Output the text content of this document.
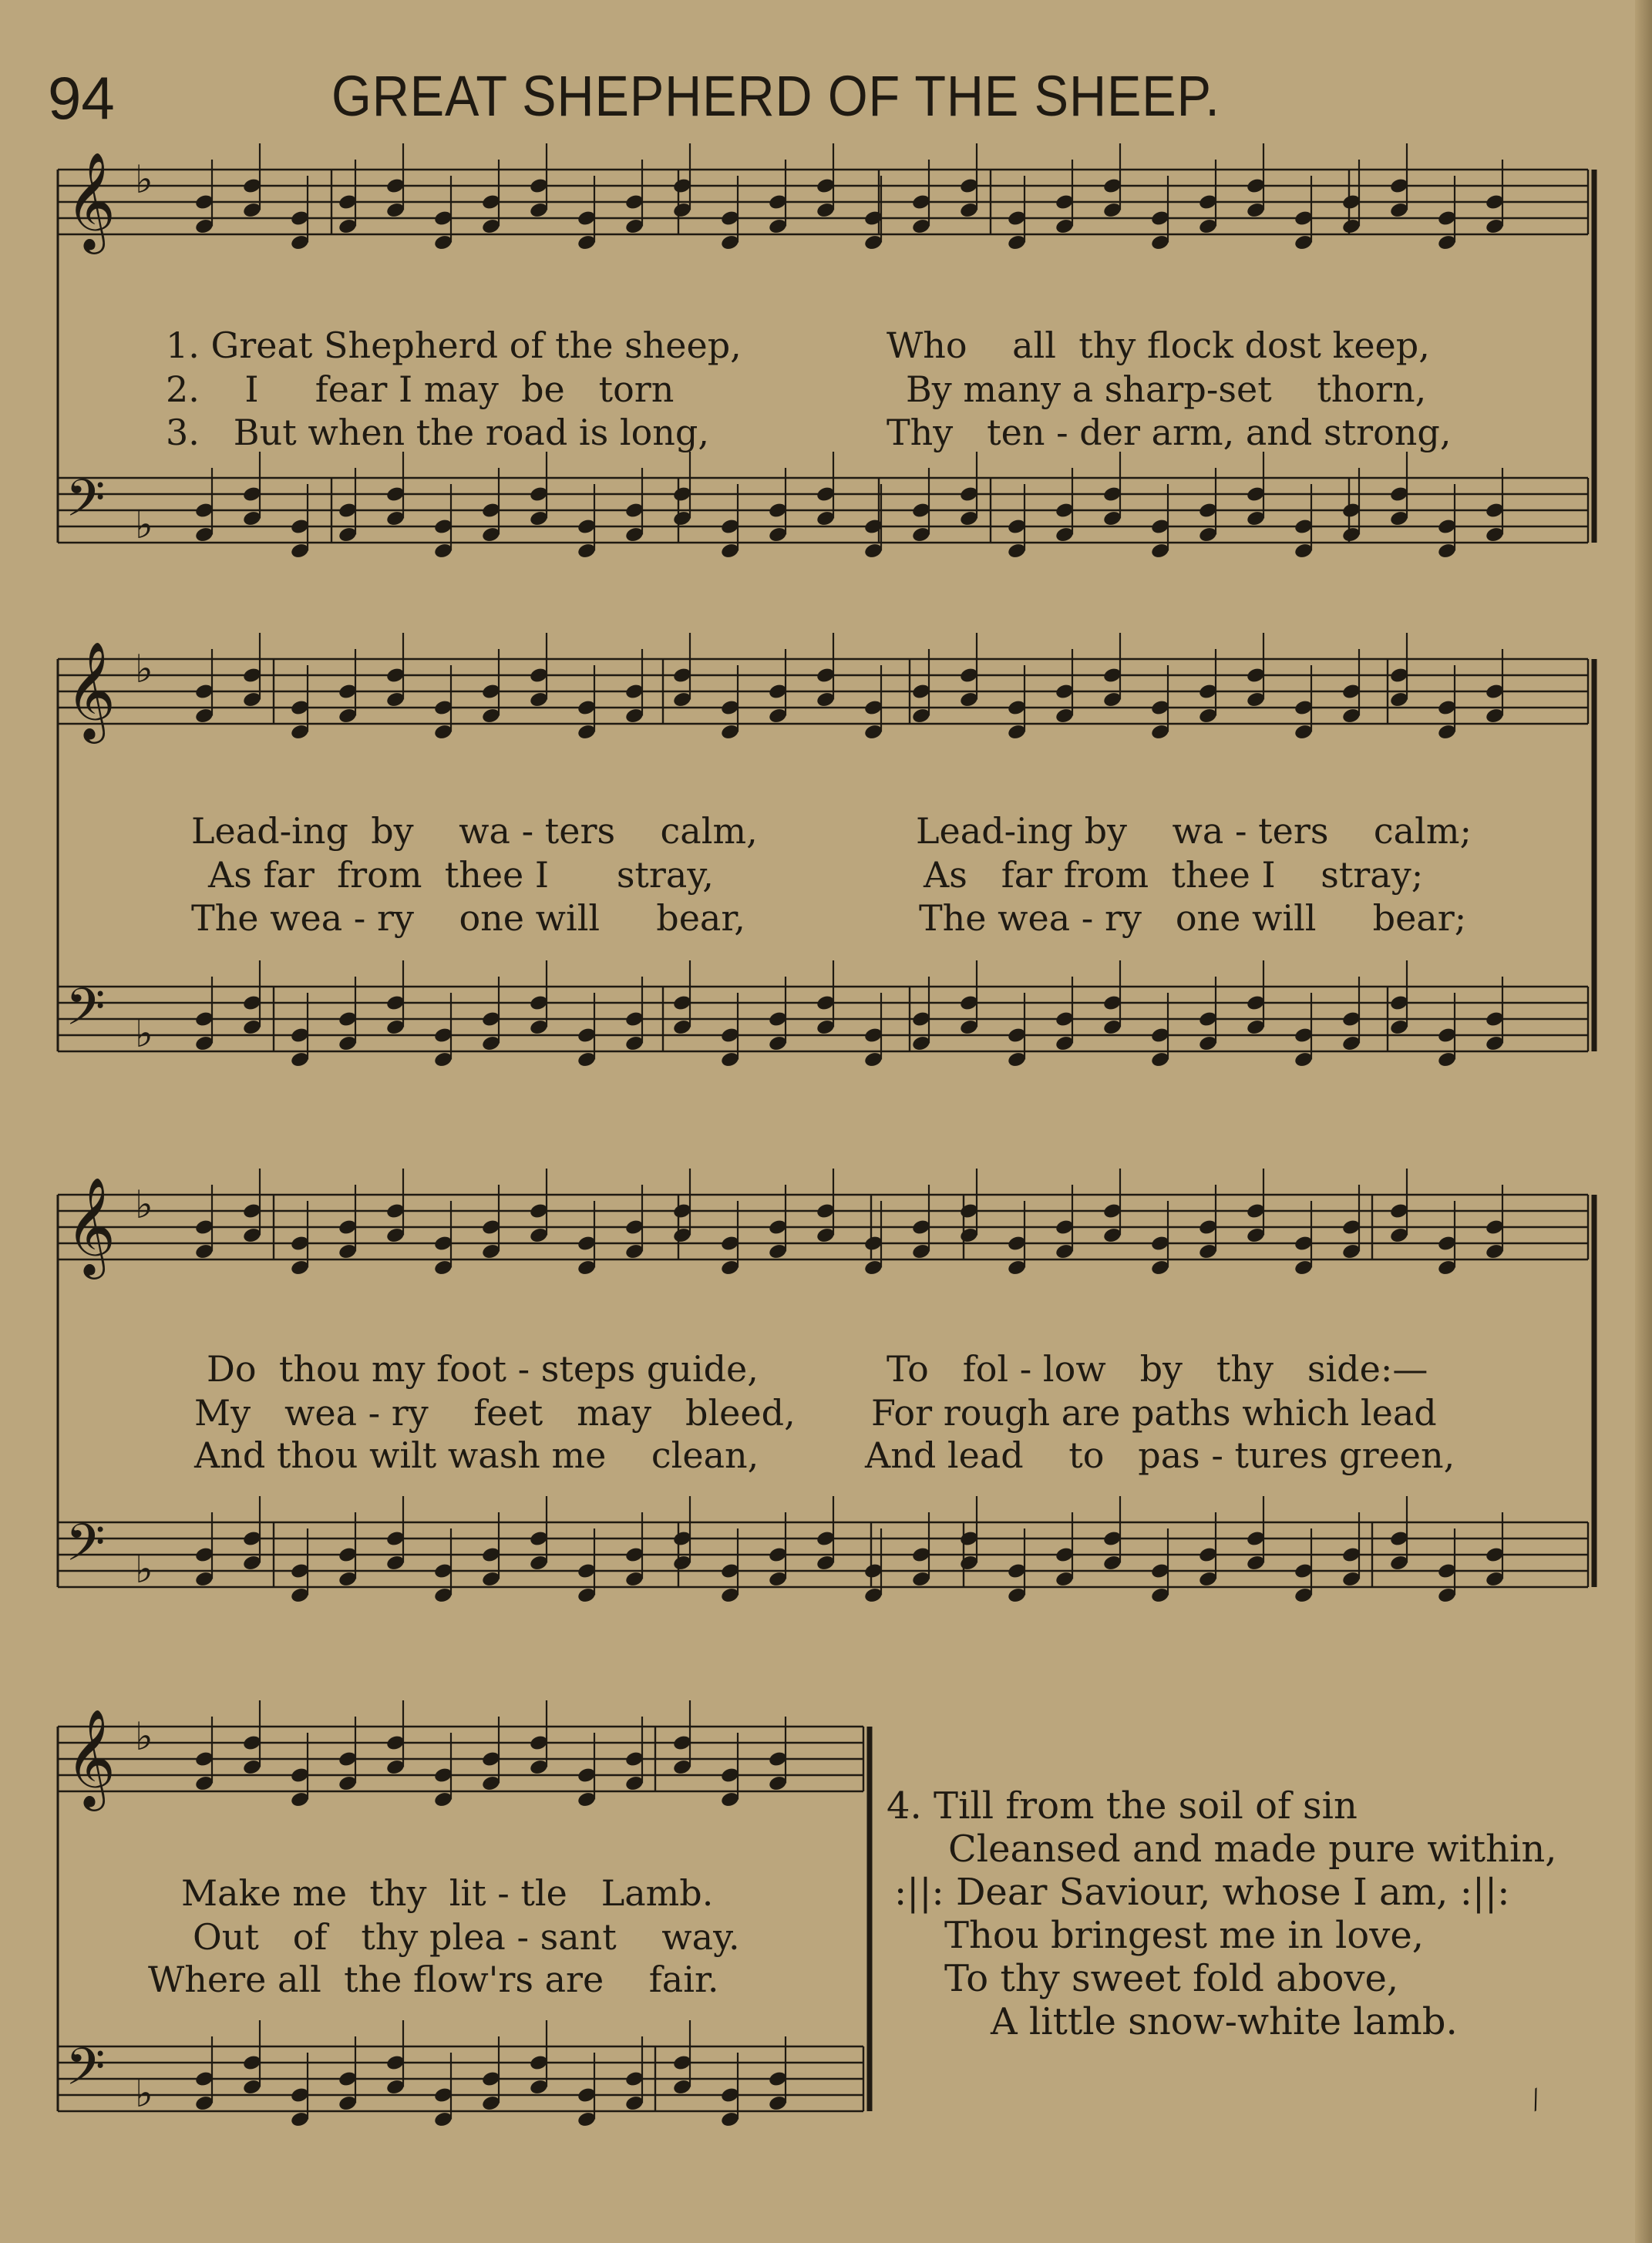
94	GREAT SHEPHERD OF THE SHEEP.
𝄞 ♭
𝄢 ♭
1. Great Shepherd of the sheep,
2. I fear I may be torn
3. But when the road is long,
Who all thy flock dost keep,
By many a sharp-set thorn,
Thy ten - der arm, and strong,
𝄞 ♭
𝄢 ♭
Lead-ing by wa - ters calm,
As far from thee I stray,
The wea - ry one will bear,
Lead-ing by wa - ters calm;
As far from thee I stray;
The wea - ry one will bear;
𝄞 ♭
𝄢 ♭
Do thou my foot - steps guide,
My wea - ry feet may bleed,
And thou wilt wash me clean,
To fol - low by thy side:—
For rough are paths which lead
And lead to pas - tures green,
𝄞 ♭
𝄢 ♭
Make me thy lit - tle Lamb.
Out of thy plea - sant way.
Where all the flow'rs are fair.
4. Till from the soil of sin
Cleansed and made pure within,
:||: Dear Saviour, whose I am, :||:
Thou bringest me in love,
To thy sweet fold above,
A little snow-white lamb.
⁄
